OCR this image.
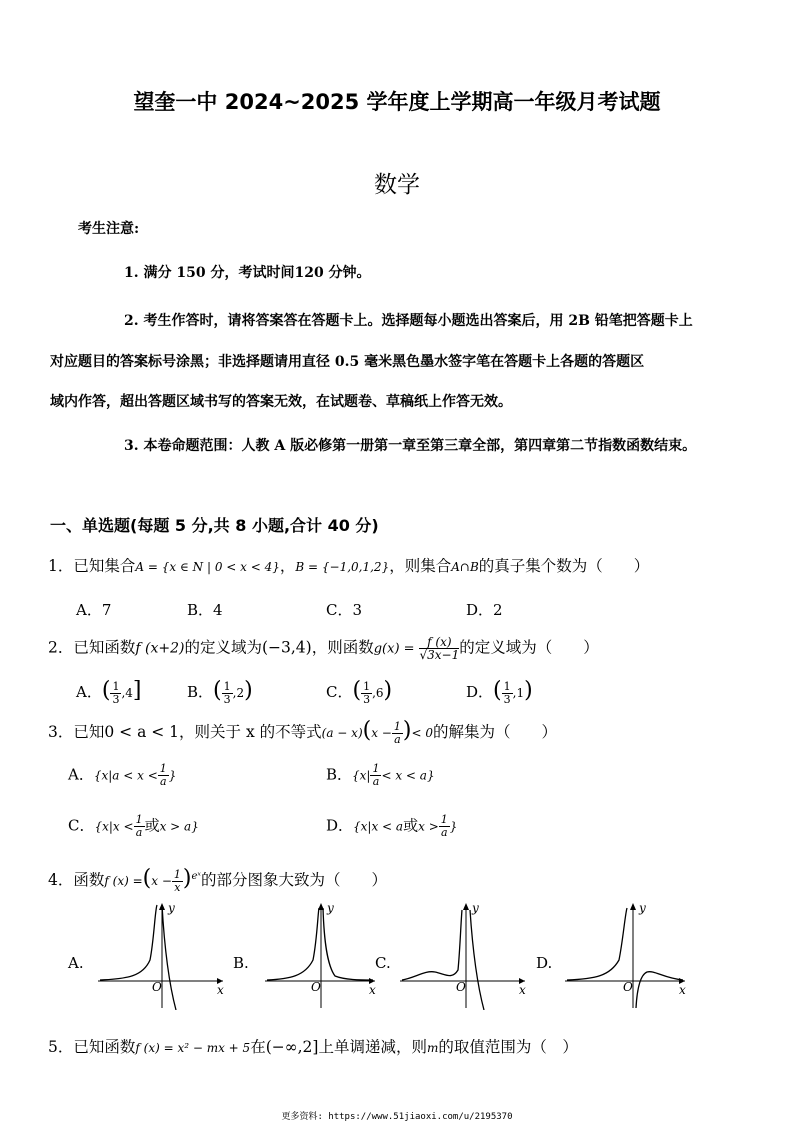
望奎一中 2024~2025 学年度上学期高一年级月考试题
数学
考生注意:
1. 满分 150 分，考试时间120 分钟。
2. 考生作答时，请将答案答在答题卡上。选择题每小题选出答案后，用 2B 铅笔把答题卡上
对应题目的答案标号涂黑；非选择题请用直径 0.5 毫米黑色墨水签字笔在答题卡上各题的答题区
域内作答，超出答题区域书写的答案无效，在试题卷、草稿纸上作答无效。
3. 本卷命题范围：人教 A 版必修第一册第一章至第三章全部，第四章第二节指数函数结束。
一、单选题(每题 5 分,共 8 小题,合计 40 分)
1．已知集合A = {x ∈ N | 0 < x < 4}，B = {−1,0,1,2}，则集合A∩B的真子集个数为（　　）
A．7	B．4	C．3	D．2
2．已知函数f (x+2)的定义域为(−3,4)，则函数$g(x) = \frac{f (x)}{√3x-1}$ 的定义域为（　　）
A．( $\frac{1}{3} ,4$]	B．( $\frac{1}{3} ,2$)	C．( $\frac{1}{3} ,6$)	D．( $\frac{1}{3} ,1$)
3．已知0 < a < 1，则关于 x 的不等式$(a - x)(x - \frac{1}{a}$ )< 0的解集为（　　）
A．{$x|a < x < \frac{1}{a}$ }	B．$\{x| \frac{1}{a} < x < a\}$
C．{$x|x < \frac{1}{a}$ 或x > a}	D．{x|x < a或$x > \frac{1}{a}$ }
4．函数f $(x) =(x - \frac{1}{x} )^{eˣ}$的部分图象大致为（　　）
A.	B.	C.	D.
y
x
O
y
x
O
y
x
O
y
x
O
5．已知函数f (x) = x² − mx + 5在(−∞,2]上单调递减，则m的取值范围为（　）
更多资料: https://www.51jiaoxi.com/u/2195370
